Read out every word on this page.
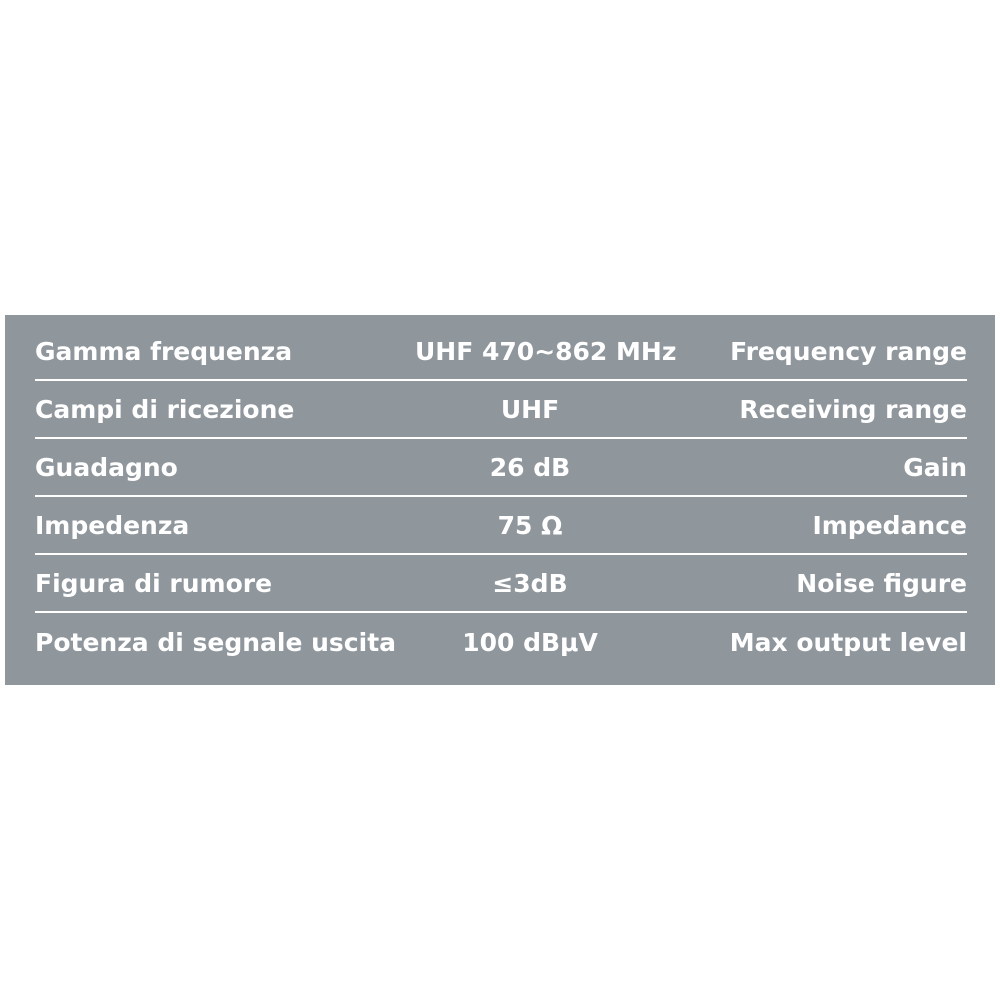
Gamma frequenza	UHF 470~862 MHz	Frequency range
Campi di ricezione	UHF	Receiving range
Guadagno	26 dB	Gain
Impedenza	75 Ω	Impedance
Figura di rumore	≤3dB	Noise figure
Potenza di segnale uscita	100 dBμV	Max output level
